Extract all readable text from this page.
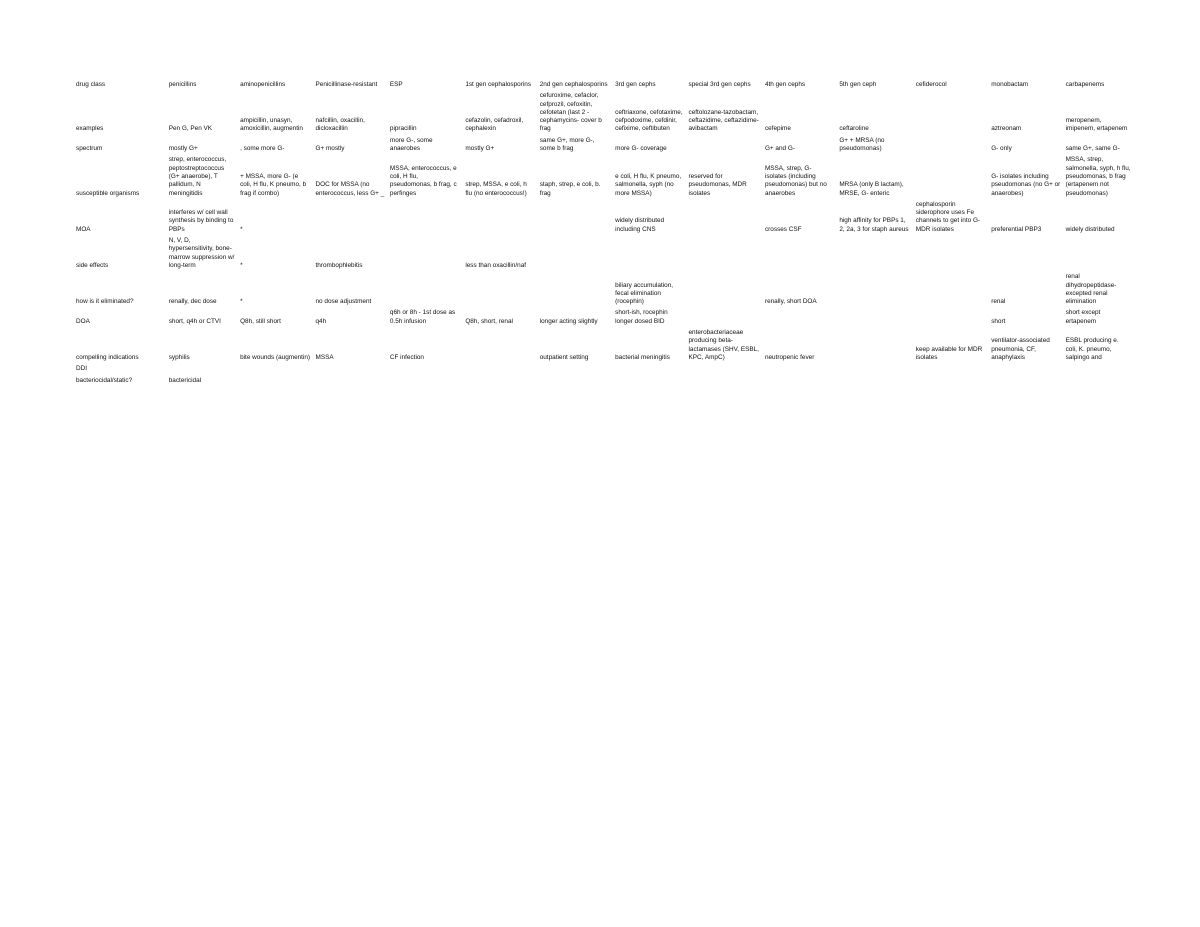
drug class	penicillins	aminopenicillins	Penicillinase-resistant	ESP	1st gen cephalosporins	2nd gen cephalosporins	3rd gen cephs	special 3rd gen cephs	4th gen cephs	5th gen ceph	cefiderocol	monobactam	carbapenems
examples	Pen G, Pen VK	ampicillin, unasyn, amoxicillin, augmentin	nafcillin, oxacillin, dicloxacillin	pipracillin	cefazolin, cefadroxil, cephalexin	cefuroxime, cefaclor, cefprozil, cefoxitin, cefotetan (last 2 - cephamycins- cover b frag	ceftriaxone, cefotaxime, cefpodoxime, cefdinir, cefixime, ceftibuten	ceftolozane-tazobactam, ceftazidime, ceftazidime-avibactam	cefepime	ceftaroline		aztreonam	meropenem, imipenem, ertapenem
spectrum	mostly G+	, some more G-	G+ mostly	more G-, some anaerobes	mostly G+	same G+, more G-, some b frag	more G- coverage		G+ and G-	G+ + MRSA (no pseudomonas)		G- only	same G+, same G-
susceptible organisms	strep, enterococcus, peptostreptococcus (G+ anaerobe), T pallidum, N meningitidis	+ MSSA, more G- (e coli, H flu, K pneumo, b frag if combo)	DOC for MSSA (no enterococcus, less G+ _	MSSA, enterococcus, e coli, H flu, pseudomonas, b frag, c perfinges	strep, MSSA, e coli, h flu (no enterococcus!)	staph, strep, e coli, b. frag	e coli, H flu, K pneumo, salmonella, syph (no more MSSA)	reserved for pseudomonas, MDR isolates	MSSA, strep, G- isolates (including pseudomonas) but no anaerobes	MRSA (only B lactam), MRSE, G- enteric		G- isolates including pseudomonas (no G+ or anaerobes)	MSSA, strep, salmonella, syph, h flu, pseudomonas, b frag (ertapenem not pseudomonas)
MOA	interferes w/ cell wall synthesis by binding to PBPs	*					widely distributed including CNS		crosses CSF	high affinity for PBPs 1, 2, 2a, 3 for staph aureus	cephalosporin siderophore uses Fe channels to get into G- MDR isolates	preferential PBP3	widely distributed
side effects	N, V, D, hypersensitivity, bone-marrow suppression w/ long-term	*	thrombophlebitis		less than oxacillin/naf								
how is it eliminated?	renally, dec dose	*	no dose adjustment				biliary accumulation, fecal elimination (rocephin)		renally, short DOA			renal	renal dihydropeptidase-excepted renal elimination
DOA	short, q4h or CTVI	Q8h, still short	q4h	q6h or 8h - 1st dose as 0.5h infusion	Q8h, short, renal	longer acting slightly	short-ish, rocephin longer dosed BID					short	short except ertapenem
compelling indications	syphilis	bite wounds (augmentin)	MSSA	CF infection		outpatient setting	bacterial meningitis	enterobacteriaceae producing beta-lactamases (SHV, ESBL, KPC, AmpC)	neutropenic fever		keep available for MDR isolates	ventilator-associated pneumonia, CF, anaphylaxis	ESBL producing e. coli, K. pneumo, salpingo and
DDI													
bacteriocidal/static?	bactericidal												
